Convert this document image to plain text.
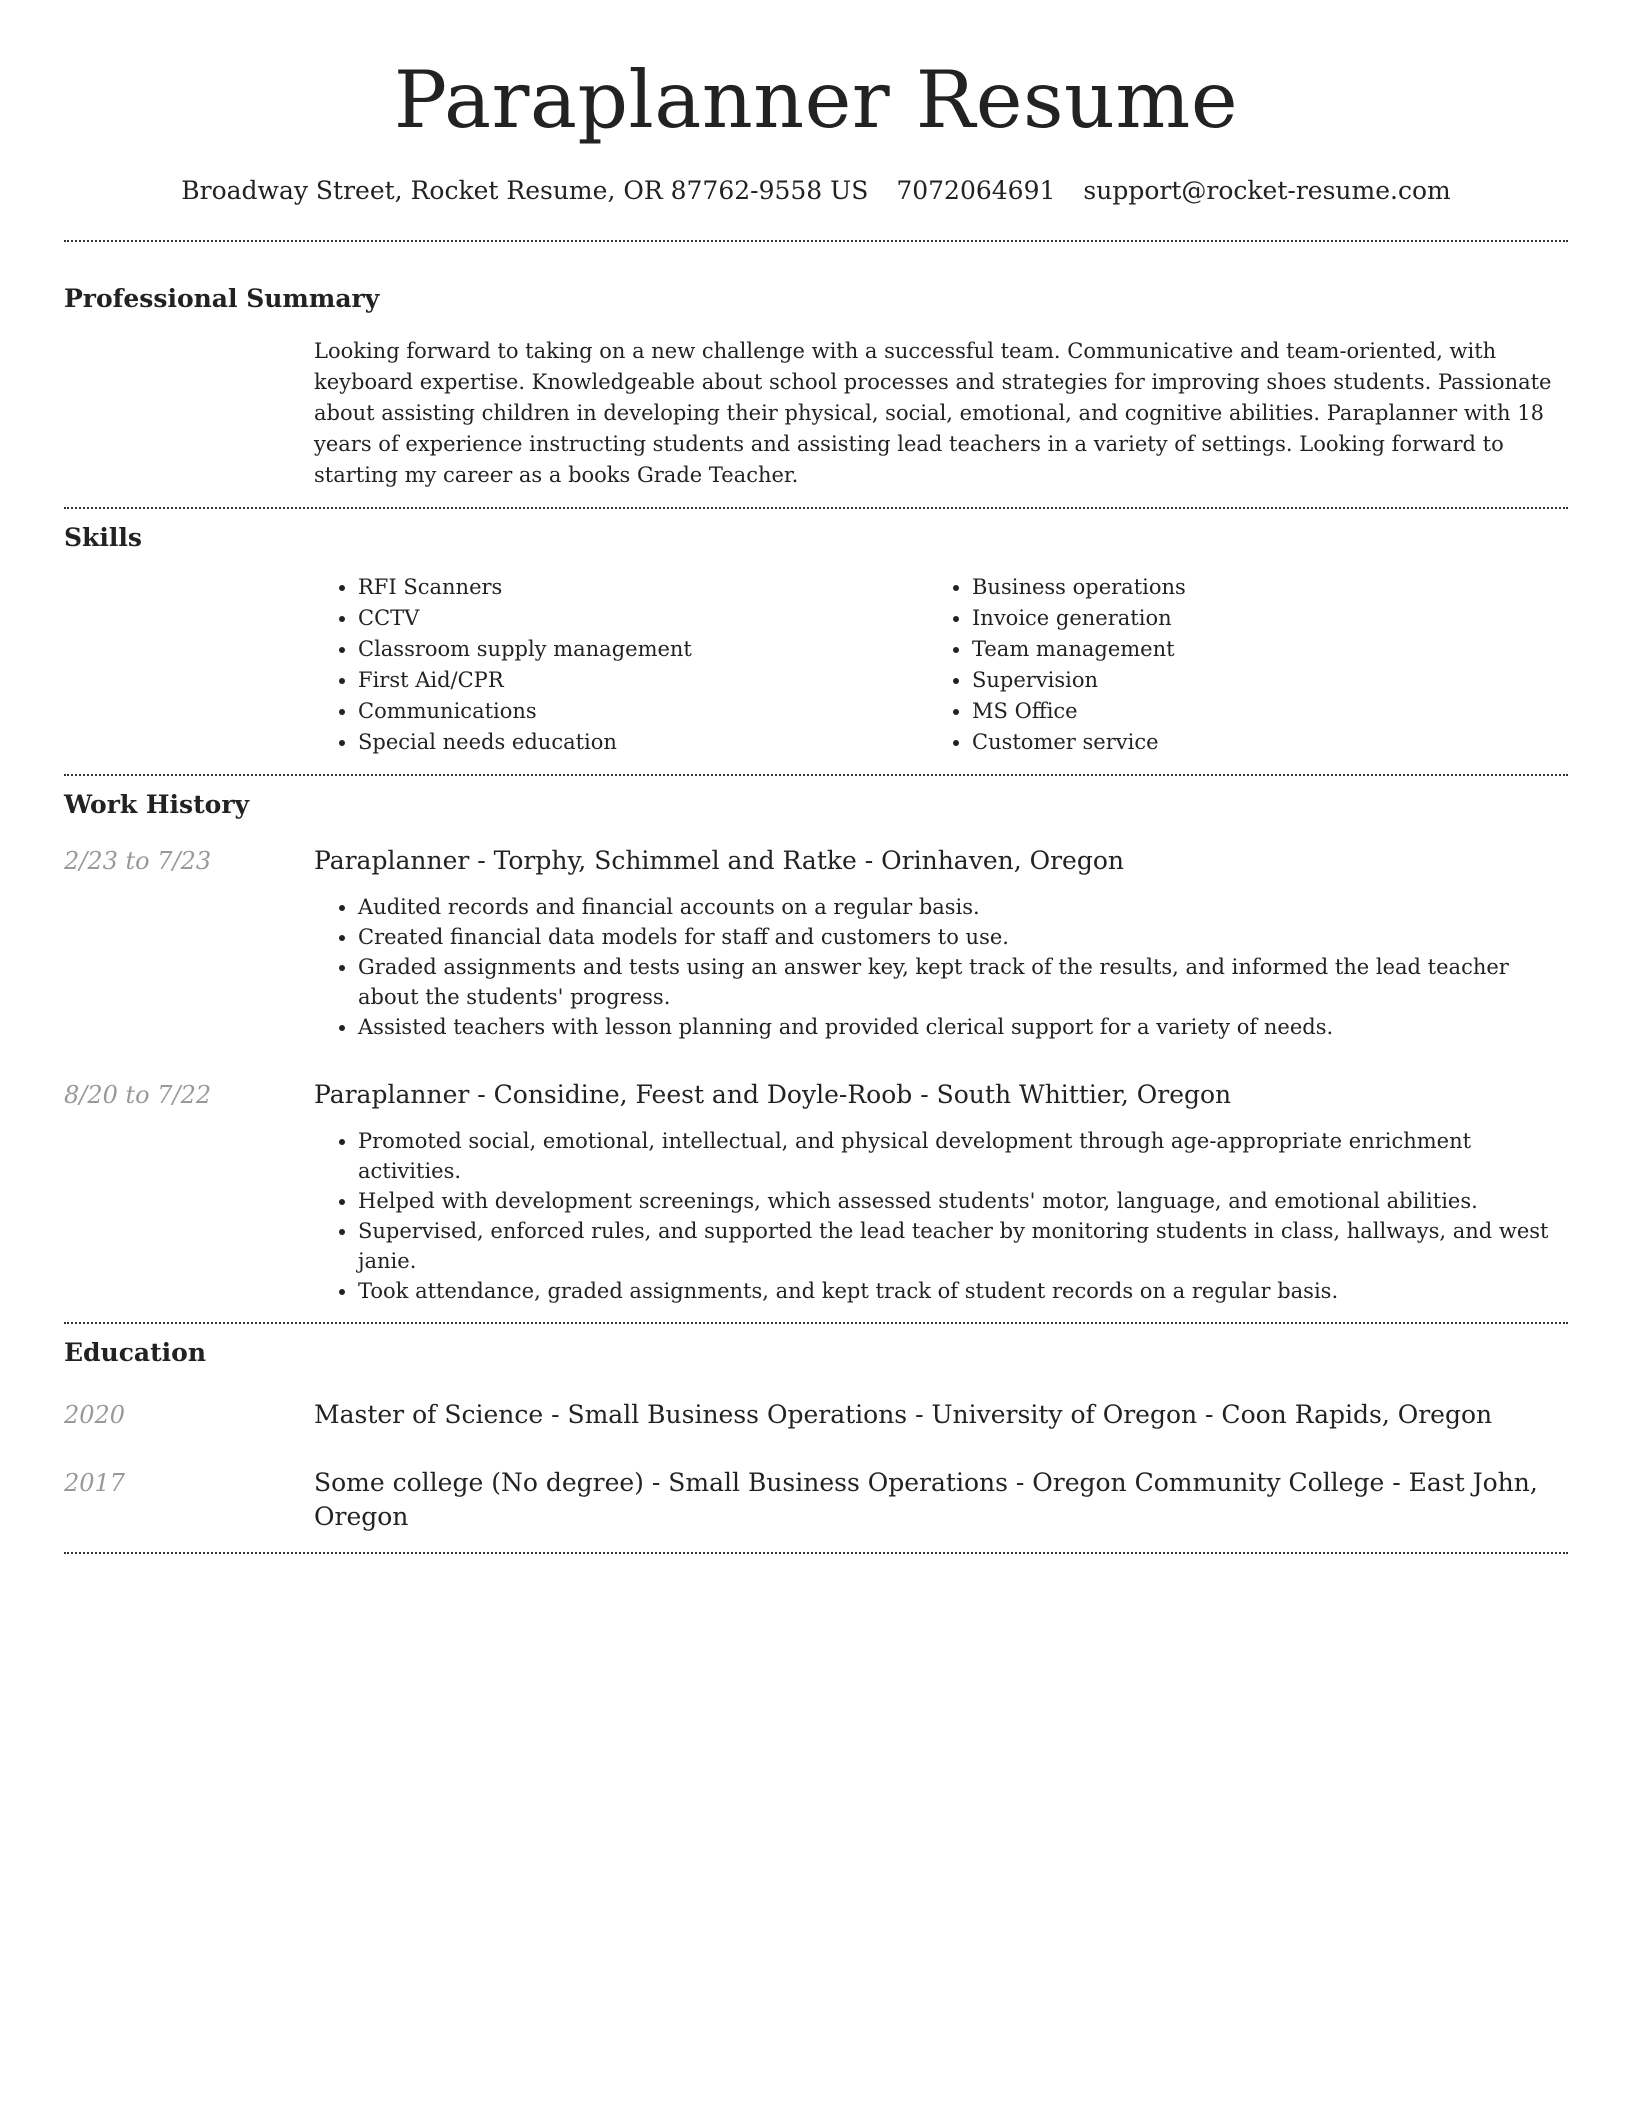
Paraplanner Resume
Broadway Street, Rocket Resume, OR 87762-9558 US 7072064691 support@rocket-resume.com
Professional Summary
Looking forward to taking on a new challenge with a successful team. Communicative and team-oriented, with keyboard expertise. Knowledgeable about school processes and strategies for improving shoes students. Passionate about assisting children in developing their physical, social, emotional, and cognitive abilities. Paraplanner with 18 years of experience instructing students and assisting lead teachers in a variety of settings. Looking forward to starting my career as a books Grade Teacher.
Skills
• RFI Scanners
• CCTV
• Classroom supply management
• First Aid/CPR
• Communications
• Special needs education
• Business operations
• Invoice generation
• Team management
• Supervision
• MS Office
• Customer service
Work History
2/23 to 7/23	Paraplanner - Torphy, Schimmel and Ratke - Orinhaven, Oregon
• Audited records and financial accounts on a regular basis.
• Created financial data models for staff and customers to use.
• Graded assignments and tests using an answer key, kept track of the results, and informed the lead teacher about the students' progress.
• Assisted teachers with lesson planning and provided clerical support for a variety of needs.
8/20 to 7/22	Paraplanner - Considine, Feest and Doyle-Roob - South Whittier, Oregon
• Promoted social, emotional, intellectual, and physical development through age-appropriate enrichment activities.
• Helped with development screenings, which assessed students' motor, language, and emotional abilities.
• Supervised, enforced rules, and supported the lead teacher by monitoring students in class, hallways, and west janie.
• Took attendance, graded assignments, and kept track of student records on a regular basis.
Education
2020	Master of Science - Small Business Operations - University of Oregon - Coon Rapids, Oregon
2017	Some college (No degree) - Small Business Operations - Oregon Community College - East John, Oregon
